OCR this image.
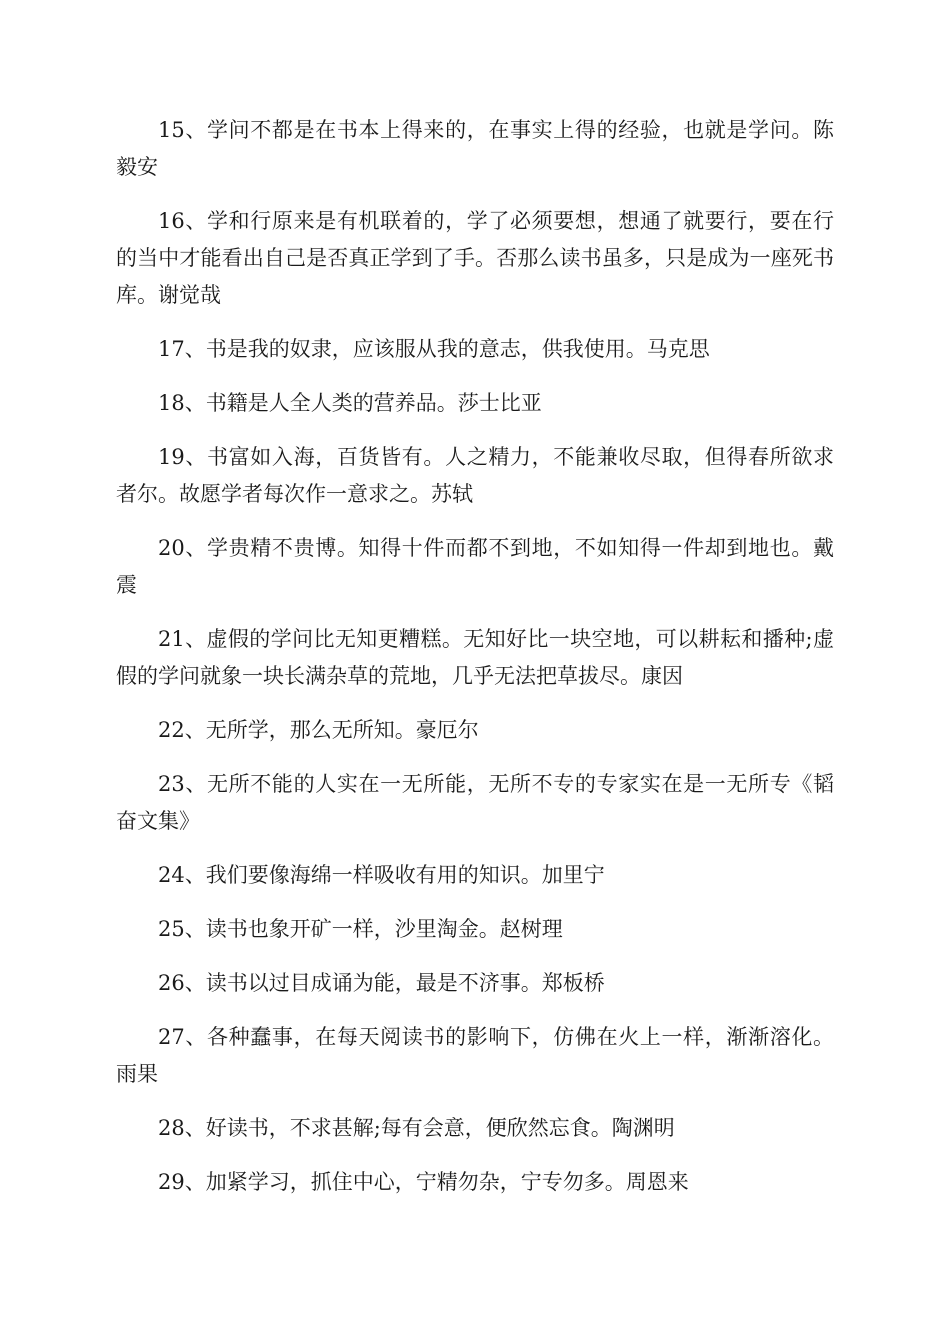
15、学问不都是在书本上得来的，在事实上得的经验，也就是学问。陈毅安

16、学和行原来是有机联着的，学了必须要想，想通了就要行，要在行的当中才能看出自己是否真正学到了手。否那么读书虽多，只是成为一座死书库。谢觉哉

17、书是我的奴隶，应该服从我的意志，供我使用。马克思

18、书籍是人全人类的营养品。莎士比亚

19、书富如入海，百货皆有。人之精力，不能兼收尽取，但得春所欲求者尔。故愿学者每次作一意求之。苏轼

20、学贵精不贵博。知得十件而都不到地，不如知得一件却到地也。戴震

21、虚假的学问比无知更糟糕。无知好比一块空地，可以耕耘和播种;虚假的学问就象一块长满杂草的荒地，几乎无法把草拔尽。康因

22、无所学，那么无所知。豪厄尔

23、无所不能的人实在一无所能，无所不专的专家实在是一无所专《韬奋文集》

24、我们要像海绵一样吸收有用的知识。加里宁

25、读书也象开矿一样，沙里淘金。赵树理

26、读书以过目成诵为能，最是不济事。郑板桥

27、各种蠢事，在每天阅读书的影响下，仿佛在火上一样，渐渐溶化。雨果

28、好读书，不求甚解;每有会意，便欣然忘食。陶渊明

29、加紧学习，抓住中心，宁精勿杂，宁专勿多。周恩来
